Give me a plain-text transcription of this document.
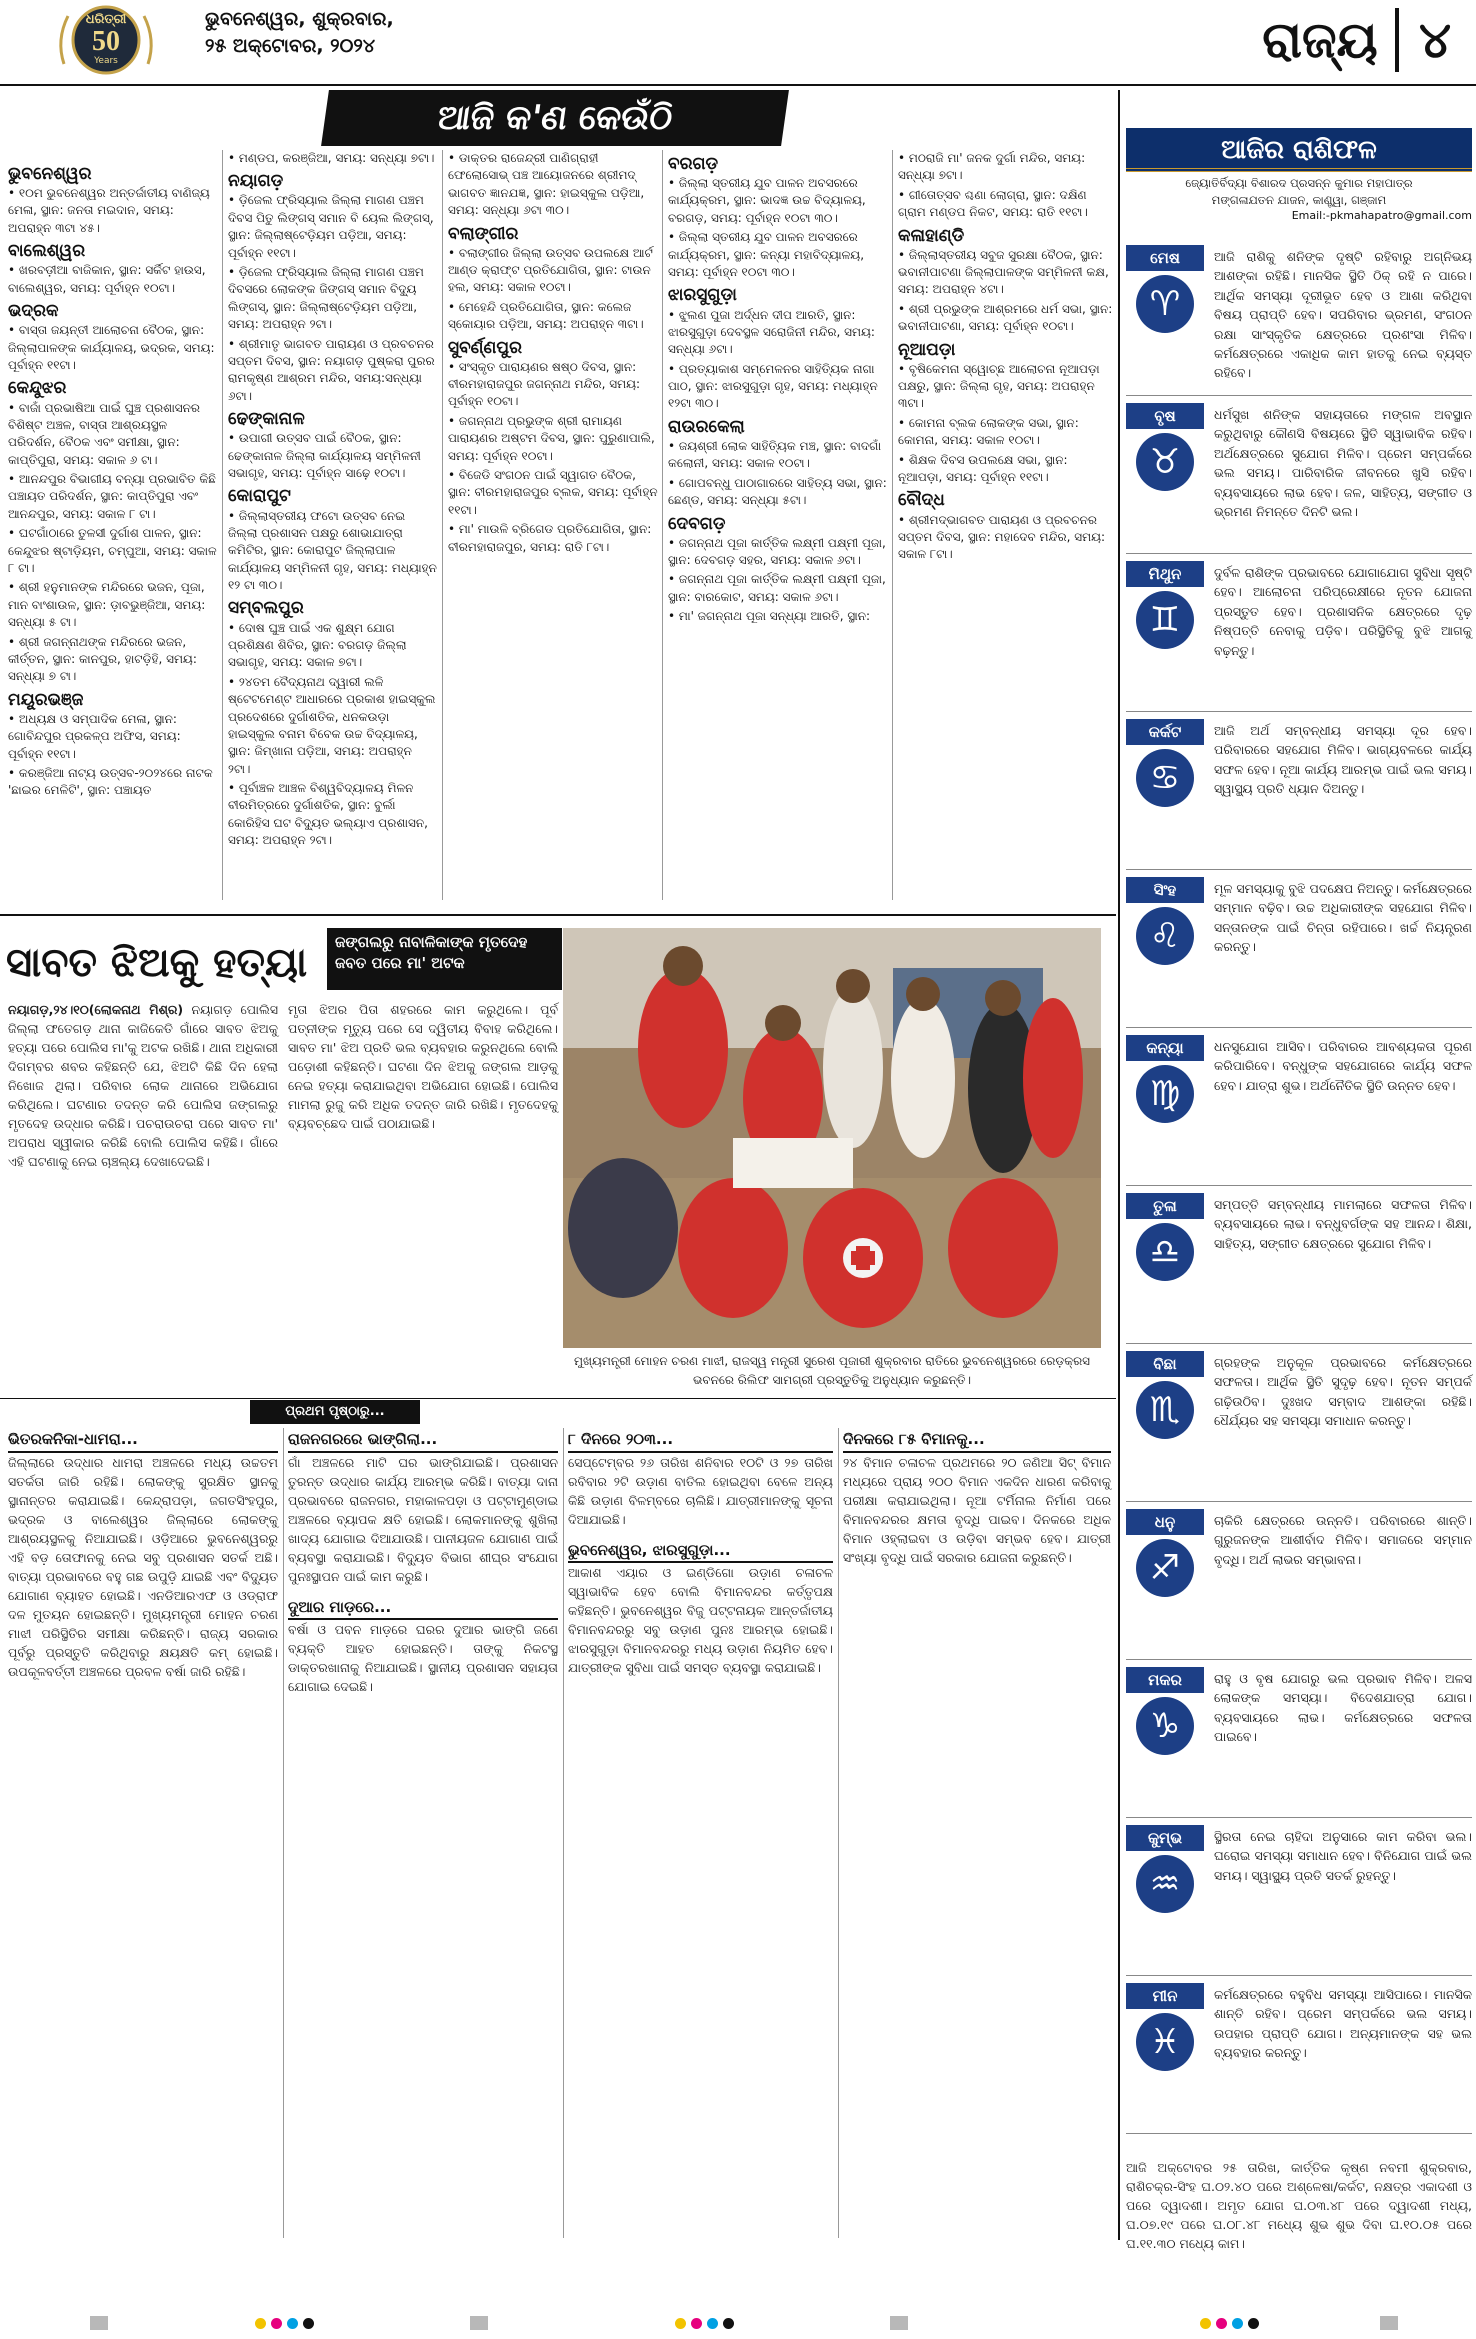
ଧରିତ୍ରୀ
50
Years
ଭୁବନେଶ୍ୱର, ଶୁକ୍ରବାର,
୨୫ ଅକ୍ଟୋବର, ୨୦୨୪	ରାଜ୍ୟ ୪
ଆଜି କ'ଣ କେଉଁଠି
ଭୁବନେଶ୍ୱର
• ୧୦ମ ଭୁବନେଶ୍ୱର ଅନ୍ତର୍ଜାତୀୟ ବାଣିଜ୍ୟ ମେଳା, ସ୍ଥାନ: ଜନତା ମଇଦାନ, ସମୟ: ଅପରାହ୍ନ ୩ଟା ୪୫।
ବାଲେଶ୍ୱର
• ଖରବଡ଼ୀଆ ବାଜିକାନ, ସ୍ଥାନ: ସର୍କିଟ ହାଉସ, ବାଲେଶ୍ୱର, ସମୟ: ପୂର୍ବାହ୍ନ ୧୦ଟା।
ଭଦ୍ରକ
• ବାସ୍ତା ଜୟନ୍ତୀ ଆଲୋଚନା ବୈଠକ, ସ୍ଥାନ: ଜିଲ୍ଲାପାଳଙ୍କ କାର୍ଯ୍ୟାଳୟ, ଭଦ୍ରକ, ସମୟ: ପୂର୍ବାହ୍ନ ୧୧ଟା।
କେନ୍ଦୁଝର
• ବାଜାଁ ପ୍ରଭାଷିଆ ପାଇଁ ଘୁଞ୍ଚ ପ୍ରଶାସନର ବିଶିଷ୍ଟ ଅଞ୍ଚଳ, ବାସ୍ତା ଆଶ୍ରୟସ୍ଥଳ ପରିଦର୍ଶନ, ବୈଠକ ଏବଂ ସମୀକ୍ଷା, ସ୍ଥାନ: କାପ୍ତିପୁରା, ସମୟ: ସକାଳ ୬ ଟା।
• ଆନନ୍ଦପୁର ବିଭାଗୀୟ ବନ୍ୟା ପ୍ରଭାବିତ କିଛି ପଞ୍ଚାୟତ ପରିଦର୍ଶନ, ସ୍ଥାନ: କାପ୍ତିପୁରା ଏବଂ ଆନନ୍ଦପୁର, ସମୟ: ସକାଳ ୮ ଟା।
• ଘଟଗାଁଠାରେ ତୁଳସୀ ଦୁର୍ଗାଶ ପାଳନ, ସ୍ଥାନ: କେନ୍ଦୁଝର ଷ୍ଟାଡ଼ିୟମ, ଚମ୍ପୁଆ, ସମୟ: ସକାଳ ୮ ଟା।
• ଶ୍ରୀ ହନୁମାନଙ୍କ ମନ୍ଦିରରେ ଭଜନ, ପୂଜା, ମାନ ବାଂଶାଉଳ, ସ୍ଥାନ: ଡ଼ାବଭୁଞ୍ଜିଆ, ସମୟ: ସନ୍ଧ୍ୟା ୫ ଟା।
• ଶ୍ରୀ ଜଗନ୍ନାଥଙ୍କ ମନ୍ଦିରରେ ଭଜନ, କୀର୍ତ୍ତନ, ସ୍ଥାନ: କାନପୁର, ହାଟଡ଼ିହି, ସମୟ: ସନ୍ଧ୍ୟା ୭ ଟା।
ମୟୂରଭଞ୍ଜ
• ଅଧ୍ୟକ୍ଷ ଓ ସମ୍ପାଦିକ ମେଳା, ସ୍ଥାନ: ଗୋବିନ୍ଦପୁର ପ୍ରକଳ୍ପ ଅଫିସ, ସମୟ: ପୂର୍ବାହ୍ନ ୧୧ଟା।
• କରଞ୍ଜିଆ ନାଟ୍ୟ ଉତ୍ସବ-୨୦୨୪ରେ ନାଟକ 'ଛାଇର ମେଳିଟି', ସ୍ଥାନ: ପଞ୍ଚାୟତ
• ମଣ୍ଡପ, କରଞ୍ଜିଆ, ସମୟ: ସନ୍ଧ୍ୟା ୭ଟା।
ନୟାଗଡ଼
• ଡ଼ିଜେଲ ଫ୍ରିସ୍ୟାଲ ଜିଲ୍ଲା ମାଗଣ ପଞ୍ଚମ ଦିବସ ପିତୁ ଲିଙ୍ଗସ୍ ସମାନ ବି ୟେଲ ଲିଙ୍ଗସ୍, ସ୍ଥାନ: ଜିଲ୍ଲାଷ୍ଟେଡ଼ିୟମ ପଡ଼ିଆ, ସମୟ: ପୂର୍ବାହ୍ନ ୧୧ଟା।
• ଡ଼ିଜେଲ ଫ୍ରିସ୍ୟାଲ ଜିଲ୍ଲା ମାଗଣ ପଞ୍ଚମ ଦିବସରେ ଲୋକଙ୍କ ଜିଙ୍ଗସ୍ ସମାନ ବିଦ୍ୟୁ ଲିଙ୍ଗସ୍, ସ୍ଥାନ: ଜିଲ୍ଲାଷ୍ଟେଡ଼ିୟମ ପଡ଼ିଆ, ସମୟ: ଅପରାହ୍ନ ୨ଟା।
• ଶ୍ରୀମାତୃ ଭାଗବତ ପାରାୟଣ ଓ ପ୍ରବଚନର ସପ୍ତମ ଦିବସ, ସ୍ଥାନ: ନୟାଗଡ଼ ପୁଷ୍କରା ପୁରର ରାମକୃଷ୍ଣ ଆଶ୍ରମ ମନ୍ଦିର, ସମୟ:ସନ୍ଧ୍ୟା ୬ଟା।
ଢେଙ୍କାନାଳ
• ଉପାଗୀ ଉତ୍ସବ ପାଇଁ ବୈଠକ, ସ୍ଥାନ: ଢେଙ୍କାନାଳ ଜିଲ୍ଲା କାର୍ଯ୍ୟାଳୟ ସମ୍ମିଳନୀ ସଭାଗୃହ, ସମୟ: ପୂର୍ବାହ୍ନ ସାଢ଼େ ୧୦ଟା।
କୋରାପୁଟ
• ଜିଲ୍ଲାସ୍ତରୀୟ ଫଟୋ ଉତ୍ସବ ନେଇ ଜିଲ୍ଲା ପ୍ରଶାସନ ପକ୍ଷରୁ ଶୋଭାଯାତ୍ରା କମିଟିର, ସ୍ଥାନ: କୋରାପୁଟ ଜିଲ୍ଲାପାଳ କାର୍ଯ୍ୟାଳୟ ସମ୍ମିଳନୀ ଗୃହ, ସମୟ: ମଧ୍ୟାହ୍ନ ୧୨ ଟା ୩୦।
ସମ୍ବଲପୁର
• ଦୋଷ ଘୁଞ୍ଚ ପାଇଁ ଏକ ଶୁକ୍ଷ୍ମ ଯୋଗ ପ୍ରଶିକ୍ଷଣ ଶିବିର, ସ୍ଥାନ: ବରଗଡ଼ ଜିଲ୍ଲା ସଭାଗୃହ, ସମୟ: ସକାଳ ୭ଟା।
• ୨୪ତମ ବୈଦ୍ୟନାଥ ଦ୍ୱାରୀ ଲଳି ଷ୍ଟେଟମେଣ୍ଟ ଆଧାରରେ ପ୍ରକାଶ ହାଇସ୍କୁଲ ପ୍ରଦେଶରେ ଦୁର୍ଗାଶତିକ, ଧନକଉଡ଼ା ହାଇସ୍କୁଲ ବନାମ ବିବେକ ଉଚ୍ଚ ବିଦ୍ୟାଳୟ, ସ୍ଥାନ: ଜିମ୍‌ଖାନା ପଡ଼ିଆ, ସମୟ: ଅପରାହ୍ନ ୨ଟା।
• ପୂର୍ବାଞ୍ଚଳ ଆଞ୍ଚଳ ବିଶ୍ୱବିଦ୍ୟାଳୟ ମିଳନ ବୀରମିତ୍ରରେ ଦୁର୍ଗାଶତିକ, ସ୍ଥାନ: ବୁର୍ଲା କୋରିହିସ ଘଟ ବିଦ୍ୟୁତ ଭଲ୍ୟାଏ ପ୍ରଶାସନ, ସମୟ: ଅପରାହ୍ନ ୨ଟା।
• ଡାକ୍ତର ରାଜେନ୍ଦ୍ରୀ ପାଣିଗ୍ରାହୀ ଫେଲୋସୋଭ୍ ପଞ୍ଚ ଆୟୋଜନରେ ଶ୍ରୀମଦ୍ ଭାଗବତ ଜ୍ଞାନଯଜ୍ଞ, ସ୍ଥାନ: ହାଇସ୍କୁଲ ପଡ଼ିଆ, ସମୟ: ସନ୍ଧ୍ୟା ୬ଟା ୩୦।
ବଲାଙ୍ଗୀର
• ବଲାଙ୍ଗୀର ଜିଲ୍ଲା ଉତ୍ସବ ଉପଲକ୍ଷେ ଆର୍ଟ ଆଣ୍ଡ କ୍ରାଫ୍ଟ ପ୍ରତିଯୋଗିତା, ସ୍ଥାନ: ଟାଉନ ହଲ, ସମୟ: ସକାଳ ୧୦ଟା।
• ମେହେନ୍ଦି ପ୍ରତିଯୋଗିତା, ସ୍ଥାନ: କଲେଜ ସ୍କୋୟାର ପଡ଼ିଆ, ସମୟ: ଅପରାହ୍ନ ୩ଟା।
ସୁବର୍ଣ୍ଣପୁର
• ସଂସ୍କୃତ ପାରାୟଣର ଷଷ୍ଠ ଦିବସ, ସ୍ଥାନ: ବୀରମହାରାଜପୁର ଜଗନ୍ନାଥ ମନ୍ଦିର, ସମୟ: ପୂର୍ବାହ୍ନ ୧୦ଟା।
• ଜଗନ୍ନାଥ ପ୍ରଭୁଙ୍କ ଶ୍ରୀ ରାମାୟଣ ପାରାୟଣର ଅଷ୍ଟମ ଦିବସ, ସ୍ଥାନ: ପୁରୁଣାପାଲି, ସମୟ: ପୂର୍ବାହ୍ନ ୧୦ଟା।
• ବିଜେଡି ସଂଗଠନ ପାଇଁ ସ୍ୱାଗତ ବୈଠକ, ସ୍ଥାନ: ବୀରମହାରାଜପୁର ବ୍ଲକ, ସମୟ: ପୂର୍ବାହ୍ନ ୧୧ଟା।
• ମା' ମାଉଳି ବ୍ରିଗେଡ ପ୍ରତିଯୋଗିତା, ସ୍ଥାନ: ବୀରମହାରାଜପୁର, ସମୟ: ରାତି ୮ଟା।
ବରଗଡ଼
• ଜିଲ୍ଲା ସ୍ତରୀୟ ଯୁବ ପାଳନ ଅବସରରେ କାର୍ଯ୍ୟକ୍ରମ, ସ୍ଥାନ: ଭାଦଜ୍ଞ ଉଚ୍ଚ ବିଦ୍ୟାଳୟ, ବରଗଡ଼, ସମୟ: ପୂର୍ବାହ୍ନ ୧୦ଟା ୩୦।
• ଜିଲ୍ଲା ସ୍ତରୀୟ ଯୁବ ପାଳନ ଅବସରରେ କାର୍ଯ୍ୟକ୍ରମ, ସ୍ଥାନ: କନ୍ୟା ମହାବିଦ୍ୟାଳୟ, ସମୟ: ପୂର୍ବାହ୍ନ ୧୦ଟା ୩୦।
ଝାରସୁଗୁଡ଼ା
• ଝୁଲଣ ପୁଜା ଅର୍ଦ୍ଧନ ଦୀପ ଆରତି, ସ୍ଥାନ: ଝାରସୁଗୁଡ଼ା ଦେବସ୍ଥଳ ସରୋଜିନୀ ମନ୍ଦିର, ସମୟ: ସନ୍ଧ୍ୟା ୬ଟା।
• ପ୍ରତ୍ୟାକାଶ ସମ୍ମେଳନର ସାହିତ୍ୟିକ ନାଗା ପାଠ, ସ୍ଥାନ: ଝାରସୁଗୁଡ଼ା ଗୃହ, ସମୟ: ମଧ୍ୟାହ୍ନ ୧୨ଟା ୩୦।
ରାଉରକେଲା
• ଜୟଶ୍ରୀ ଲୋକ ସାହିତ୍ୟିକ ମଞ୍ଚ, ସ୍ଥାନ: ବାଦଗାଁ କଲୋନୀ, ସମୟ: ସକାଳ ୧୦ଟା।
• ଗୋପବନ୍ଧୁ ପାଠାଗାରରେ ସାହିତ୍ୟ ସଭା, ସ୍ଥାନ: ଛେଣ୍ଡ, ସମୟ: ସନ୍ଧ୍ୟା ୫ଟା।
ଦେବଗଡ଼
• ଜଗନ୍ନାଥ ପୂଜା କାର୍ତ୍ତିକ ଲକ୍ଷ୍ମୀ ପକ୍ଷ୍ମୀ ପୂଜା, ସ୍ଥାନ: ଦେବଗଡ଼ ସହର, ସମୟ: ସକାଳ ୬ଟା।
• ଜଗନ୍ନାଥ ପୂଜା କାର୍ତ୍ତିକ ଲକ୍ଷ୍ମୀ ପକ୍ଷ୍ମୀ ପୂଜା, ସ୍ଥାନ: ବାରକୋଟ, ସମୟ: ସକାଳ ୬ଟା।
• ମା' ଜଗନ୍ନାଥ ପୂଜା ସନ୍ଧ୍ୟା ଆରତି, ସ୍ଥାନ:
• ମଠରାଜି ମା' ଜନକ ଦୁର୍ଗା ମନ୍ଦିର, ସମୟ: ସନ୍ଧ୍ୟା ୭ଟା।
• ଗୀତୋତ୍ସବ ଶ୍ଚଣା ଲୋଗ୍ରା, ସ୍ଥାନ: ଦକ୍ଷିଣ ଗ୍ରାମ ମଣ୍ଡପ ନିକଟ, ସମୟ: ରାତି ୧୧ଟା।
କଳାହାଣ୍ଡି
• ଜିଲ୍ଲାସ୍ତରୀୟ ସବୁଜ ସୁରକ୍ଷା ବୈଠକ, ସ୍ଥାନ: ଭବାନୀପାଟଣା ଜିଲ୍ଲାପାଳଙ୍କ ସମ୍ମିଳନୀ କକ୍ଷ, ସମୟ: ଅପରାହ୍ନ ୪ଟା।
• ଶ୍ରୀ ପ୍ରଭୁଙ୍କ ଆଶ୍ରମରେ ଧର୍ମ ସଭା, ସ୍ଥାନ: ଭବାନୀପାଟଣା, ସମୟ: ପୂର୍ବାହ୍ନ ୧୦ଟା।
ନୂଆପଡ଼ା
• ବୃଷିକେମନା ସ୍ୱୋଚ୍ଛ ଆଲୋଚନା ନୂଆପଡ଼ା ପକ୍ଷରୁ, ସ୍ଥାନ: ଜିଲ୍ଲା ଗୃହ, ସମୟ: ଅପରାହ୍ନ ୩ଟା।
• କୋମନା ବ୍ଲକ ଲୋକଙ୍କ ସଭା, ସ୍ଥାନ: କୋମନା, ସମୟ: ସକାଳ ୧୦ଟା।
• ଶିକ୍ଷକ ଦିବସ ଉପଲକ୍ଷେ ସଭା, ସ୍ଥାନ: ନୂଆପଡ଼ା, ସମୟ: ପୂର୍ବାହ୍ନ ୧୧ଟା।
ବୌଦ୍ଧ
• ଶ୍ରୀମଦ୍‌ଭାଗବତ ପାରାୟଣ ଓ ପ୍ରବଚନର ସପ୍ତମ ଦିବସ, ସ୍ଥାନ: ମହାଦେବ ମନ୍ଦିର, ସମୟ: ସକାଳ ୮ଟା।
ଆଜିର ରାଶିଫଳ
ଜ୍ୟୋତିର୍ବିଦ୍ୟା ବିଶାରଦ ପ୍ରସନ୍ନ କୁମାର ମହାପାତ୍ର
ମଙ୍ଗଳାଯତନ ଯାଜନ, କାଣ୍ଡ୍ୱା, ଗଞ୍ଜାମ
Email:-pkmahapatro@gmail.com
ମେଷ
♈
ଆଜି ରାଶିକୁ ଶନିଙ୍କ ଦୃଷ୍ଟି ରହିବାରୁ ଅଗ୍ନିଭୟ ଆଶଙ୍କା ରହିଛି। ମାନସିକ ସ୍ଥିତି ଠିକ୍ ରହି ନ ପାରେ। ଆର୍ଥିକ ସମସ୍ୟା ଦୂରୀଭୂତ ହେବ ଓ ଆଶା କରିଥିବା ବିଷୟ ପ୍ରାପ୍ତି ହେବ। ସପରିବାର ଭ୍ରମଣ, ସଂଗଠନ ରକ୍ଷା ସାଂସ୍କୃତିକ କ୍ଷେତ୍ରରେ ପ୍ରଶଂସା ମିଳିବ। କର୍ମକ୍ଷେତ୍ରରେ ଏକାଧିକ କାମ ହାତକୁ ନେଇ ବ୍ୟସ୍ତ ରହିବେ।
ବୃଷ
♉
ଧର୍ମସୁଖ ଶନିଙ୍କ ସହାୟତାରେ ମଙ୍ଗଳ ଅବସ୍ଥାନ କରୁଥିବାରୁ କୌଣସି ବିଷୟରେ ସ୍ଥିତି ସ୍ୱାଭାବିକ ରହିବ। ଅର୍ଥକ୍ଷେତ୍ରରେ ସୁଯୋଗ ମିଳିବ। ପ୍ରେମ ସମ୍ପର୍କରେ ଭଲ ସମୟ। ପାରିବାରିକ ଜୀବନରେ ଖୁସି ରହିବ। ବ୍ୟବସାୟରେ ଲାଭ ହେବ। ଜଳ, ସାହିତ୍ୟ, ସଙ୍ଗୀତ ଓ ଭ୍ରମଣ ନିମନ୍ତେ ଦିନଟି ଭଲ।
ମିଥୁନ
♊
ଦୁର୍ବଳ ରାଶିଙ୍କ ପ୍ରଭାବରେ ଯୋଗାଯୋଗ ସୁବିଧା ସୃଷ୍ଟି ହେବ। ଆଲୋଚନା ପରିପ୍ରେକ୍ଷୀରେ ନୂତନ ଯୋଜନା ପ୍ରସ୍ତୁତ ହେବ। ପ୍ରଶାସନିକ କ୍ଷେତ୍ରରେ ଦୃଢ଼ ନିଷ୍ପତ୍ତି ନେବାକୁ ପଡ଼ିବ। ପରିସ୍ଥିତିକୁ ବୁଝି ଆଗକୁ ବଢ଼ନ୍ତୁ।
କର୍କଟ
♋
ଆଜି ଅର୍ଥ ସମ୍ବନ୍ଧୀୟ ସମସ୍ୟା ଦୂର ହେବ। ପରିବାରରେ ସହଯୋଗ ମିଳିବ। ଭାଗ୍ୟବଳରେ କାର୍ଯ୍ୟ ସଫଳ ହେବ। ନୂଆ କାର୍ଯ୍ୟ ଆରମ୍ଭ ପାଇଁ ଭଲ ସମୟ। ସ୍ୱାସ୍ଥ୍ୟ ପ୍ରତି ଧ୍ୟାନ ଦିଅନ୍ତୁ।
ସିଂହ
♌
ମୂଳ ସମସ୍ୟାକୁ ବୁଝି ପଦକ୍ଷେପ ନିଅନ୍ତୁ। କର୍ମକ୍ଷେତ୍ରରେ ସମ୍ମାନ ବଢ଼ିବ। ଉଚ୍ଚ ଅଧିକାରୀଙ୍କ ସହଯୋଗ ମିଳିବ। ସନ୍ତାନଙ୍କ ପାଇଁ ଚିନ୍ତା ରହିପାରେ। ଖର୍ଚ୍ଚ ନିୟନ୍ତ୍ରଣ କରନ୍ତୁ।
କନ୍ୟା
♍
ଧନସୁଯୋଗ ଆସିବ। ପରିବାରର ଆବଶ୍ୟକତା ପୂରଣ କରିପାରିବେ। ବନ୍ଧୁଙ୍କ ସହଯୋଗରେ କାର୍ଯ୍ୟ ସଫଳ ହେବ। ଯାତ୍ରା ଶୁଭ। ଅର୍ଥନୈତିକ ସ୍ଥିତି ଉନ୍ନତ ହେବ।
ତୁଳା
♎
ସମ୍ପତ୍ତି ସମ୍ବନ୍ଧୀୟ ମାମଲାରେ ସଫଳତା ମିଳିବ। ବ୍ୟବସାୟରେ ଲାଭ। ବନ୍ଧୁବର୍ଗଙ୍କ ସହ ଆନନ୍ଦ। ଶିକ୍ଷା, ସାହିତ୍ୟ, ସଙ୍ଗୀତ କ୍ଷେତ୍ରରେ ସୁଯୋଗ ମିଳିବ।
ବିଛା
♏
ଗ୍ରହଙ୍କ ଅନୁକୂଳ ପ୍ରଭାବରେ କର୍ମକ୍ଷେତ୍ରରେ ସଫଳତା। ଆର୍ଥିକ ସ୍ଥିତି ସୁଦୃଢ଼ ହେବ। ନୂତନ ସମ୍ପର୍କ ଗଢ଼ିଉଠିବ। ଦୁଃଖଦ ସମ୍ବାଦ ଆଶଙ୍କା ରହିଛି। ଧୈର୍ଯ୍ୟର ସହ ସମସ୍ୟା ସମାଧାନ କରନ୍ତୁ।
ଧନୁ
♐
ଚାକିରି କ୍ଷେତ୍ରରେ ଉନ୍ନତି। ପରିବାରରେ ଶାନ୍ତି। ଗୁରୁଜନଙ୍କ ଆଶୀର୍ବାଦ ମିଳିବ। ସମାଜରେ ସମ୍ମାନ ବୃଦ୍ଧି। ଅର୍ଥ ଲାଭର ସମ୍ଭାବନା।
ମକର
♑
ରାହୁ ଓ ବୃଷ ଯୋଗରୁ ଭଲ ପ୍ରଭାବ ମିଳିବ। ଅଳସ ଲୋକଙ୍କ ସମସ୍ୟା। ବିଦେଶଯାତ୍ରା ଯୋଗ। ବ୍ୟବସାୟରେ ଲାଭ। କର୍ମକ୍ଷେତ୍ରରେ ସଫଳତା ପାଇବେ।
କୁମ୍ଭ
♒
ସ୍ଥିରତା ନେଇ ଚାହିଦା ଅନୁସାରେ କାମ କରିବା ଭଲ। ଘରୋଇ ସମସ୍ୟା ସମାଧାନ ହେବ। ବିନିଯୋଗ ପାଇଁ ଭଲ ସମୟ। ସ୍ୱାସ୍ଥ୍ୟ ପ୍ରତି ସତର୍କ ରୁହନ୍ତୁ।
ମୀନ
♓
କର୍ମକ୍ଷେତ୍ରରେ ବହୁବିଧ ସମସ୍ୟା ଆସିପାରେ। ମାନସିକ ଶାନ୍ତି ରହିବ। ପ୍ରେମ ସମ୍ପର୍କରେ ଭଲ ସମୟ। ଉପହାର ପ୍ରାପ୍ତି ଯୋଗ। ଅନ୍ୟମାନଙ୍କ ସହ ଭଲ ବ୍ୟବହାର କରନ୍ତୁ।
ଆଜି ଅକ୍ଟୋବର ୨୫ ତାରିଖ, କାର୍ତ୍ତିକ କୃଷ୍ଣ ନବମୀ ଶୁକ୍ରବାର, ରାଶିଚକ୍ର-ସିଂହ ଘ.୦୨.୪୦ ପରେ ଅଶ୍ଳେଷା/କର୍କଟ, ନକ୍ଷତ୍ର ଏକାଦଶୀ ଓ ପରେ ଦ୍ୱାଦଶୀ। ଅମୃତ ଯୋଗ ଘ.୦୩.୪୮ ପରେ ଦ୍ୱାଦଶୀ ମଧ୍ୟ, ଘ.୦୭.୧୯ ପରେ ଘ.୦୮.୪୮ ମଧ୍ୟେ ଶୁଭ ଶୁଭ ଦିବା ଘ.୧୦.୦୫ ପରେ ଘ.୧୧.୩୦ ମଧ୍ୟେ କାମ।
ସାବତ ଝିଅକୁ ହତ୍ୟା	ଜଙ୍ଗଲରୁ ନାବାଳିକାଙ୍କ ମୃତଦେହ ଜବତ ପରେ ମା' ଅଟକ
ନୟାଗଡ଼,୨୪।୧୦(ଲୋକନାଥ ମିଶ୍ର) ନୟାଗଡ଼ ପୋଲିସ ଜିଲ୍ଲା ଫତେଗଡ଼ ଥାନା କାଜିକେତି ଗାଁରେ ସାବତ ଝିଅକୁ ହତ୍ୟା ପରେ ପୋଲିସ ମା'କୁ ଅଟକ ରଖିଛି। ଥାନା ଅଧିକାରୀ ଦିଗମ୍ବର ଶବର କହିଛନ୍ତି ଯେ, ଝିଅଟି କିଛି ଦିନ ହେଲା ନିଖୋଜ ଥିଲା। ପରିବାର ଲୋକ ଥାନାରେ ଅଭିଯୋଗ କରିଥିଲେ। ଘଟଣାର ତଦନ୍ତ କରି ପୋଲିସ ଜଙ୍ଗଲରୁ ମୃତଦେହ ଉଦ୍ଧାର କରିଛି। ପଚରାଉଚରା ପରେ ସାବତ ମା' ଅପରାଧ ସ୍ୱୀକାର କରିଛି ବୋଲି ପୋଲିସ କହିଛି। ଗାଁରେ ଏହି ଘଟଣାକୁ ନେଇ ଚାଞ୍ଚଲ୍ୟ ଦେଖାଦେଇଛି।
ମୃତା ଝିଅର ପିତା ଶହରରେ କାମ କରୁଥିଲେ। ପୂର୍ବ ପତ୍ନୀଙ୍କ ମୃତ୍ୟୁ ପରେ ସେ ଦ୍ୱିତୀୟ ବିବାହ କରିଥିଲେ। ସାବତ ମା' ଝିଅ ପ୍ରତି ଭଲ ବ୍ୟବହାର କରୁନଥିଲେ ବୋଲି ପଡ଼ୋଶୀ କହିଛନ୍ତି। ଘଟଣା ଦିନ ଝିଅକୁ ଜଙ୍ଗଲ ଆଡ଼କୁ ନେଇ ହତ୍ୟା କରାଯାଇଥିବା ଅଭିଯୋଗ ହୋଇଛି। ପୋଲିସ ମାମଲା ରୁଜୁ କରି ଅଧିକ ତଦନ୍ତ ଜାରି ରଖିଛି। ମୃତଦେହକୁ ବ୍ୟବଚ୍ଛେଦ ପାଇଁ ପଠାଯାଇଛି।
ମୁଖ୍ୟମନ୍ତ୍ରୀ ମୋହନ ଚରଣ ମାଝୀ, ରାଜସ୍ୱ ମନ୍ତ୍ରୀ ସୁରେଶ ପୂଜାରୀ ଶୁକ୍ରବାର ରାତିରେ ଭୁବନେଶ୍ୱରରେ ରେଡ଼କ୍ରସ ଭବନରେ ରିଲିଫ ସାମଗ୍ରୀ ପ୍ରସ୍ତୁତିକୁ ଅନୁଧ୍ୟାନ କରୁଛନ୍ତି।
ପ୍ରଥମ ପୃଷ୍ଠାରୁ...
ଭିତରକନିକା-ଧାମରା...
ଜିଲ୍ଲାରେ ଉଦ୍ଧାର ଧାମରା ଅଞ୍ଚଳରେ ମଧ୍ୟ ଉଚ୍ଚତମ ସତର୍କତା ଜାରି ରହିଛି। ଲୋକଙ୍କୁ ସୁରକ୍ଷିତ ସ୍ଥାନକୁ ସ୍ଥାନାନ୍ତର କରାଯାଇଛି। କେନ୍ଦ୍ରାପଡ଼ା, ଜଗତସିଂହପୁର, ଭଦ୍ରକ ଓ ବାଲେଶ୍ୱର ଜିଲ୍ଲାରେ ଲୋକଙ୍କୁ ଆଶ୍ରୟସ୍ଥଳକୁ ନିଆଯାଇଛି। ଓଡ଼ିଆରେ ଭୁବନେଶ୍ୱରରୁ ଏହି ବଡ଼ ତୋଫାନକୁ ନେଇ ସବୁ ପ୍ରଶାସନ ସତର୍କ ଅଛି। ବାତ୍ୟା ପ୍ରଭାବରେ ବହୁ ଗଛ ଉପୁଡ଼ି ଯାଇଛି ଏବଂ ବିଦ୍ୟୁତ ଯୋଗାଣ ବ୍ୟାହତ ହୋଇଛି। ଏନଡିଆରଏଫ ଓ ଓଡ୍ରାଫ ଦଳ ମୁତୟନ ହୋଇଛନ୍ତି। ମୁଖ୍ୟମନ୍ତ୍ରୀ ମୋହନ ଚରଣ ମାଝୀ ପରିସ୍ଥିତିର ସମୀକ୍ଷା କରିଛନ୍ତି। ରାଜ୍ୟ ସରକାର ପୂର୍ବରୁ ପ୍ରସ୍ତୁତି କରିଥିବାରୁ କ୍ଷୟକ୍ଷତି କମ୍ ହୋଇଛି। ଉପକୂଳବର୍ତ୍ତୀ ଅଞ୍ଚଳରେ ପ୍ରବଳ ବର୍ଷା ଜାରି ରହିଛି।
ରାଜନଗରରେ ଭାଙ୍ଗିଲା...
ଗାଁ ଅଞ୍ଚଳରେ ମାଟି ଘର ଭାଙ୍ଗିଯାଇଛି। ପ୍ରଶାସନ ତୁରନ୍ତ ଉଦ୍ଧାର କାର୍ଯ୍ୟ ଆରମ୍ଭ କରିଛି। ବାତ୍ୟା ଦାନା ପ୍ରଭାବରେ ରାଜନଗର, ମହାକାଳପଡ଼ା ଓ ପଟ୍ଟାମୁଣ୍ଡାଇ ଅଞ୍ଚଳରେ ବ୍ୟାପକ କ୍ଷତି ହୋଇଛି। ଲୋକମାନଙ୍କୁ ଶୁଖିଲା ଖାଦ୍ୟ ଯୋଗାଇ ଦିଆଯାଉଛି। ପାନୀୟଜଳ ଯୋଗାଣ ପାଇଁ ବ୍ୟବସ୍ଥା କରାଯାଇଛି। ବିଦ୍ୟୁତ ବିଭାଗ ଶୀଘ୍ର ସଂଯୋଗ ପୁନଃସ୍ଥାପନ ପାଇଁ କାମ କରୁଛି।
ଦୁଆର ମାଡ଼ରେ...
ବର୍ଷା ଓ ପବନ ମାଡ଼ରେ ଘରର ଦୁଆର ଭାଙ୍ଗି ଜଣେ ବ୍ୟକ୍ତି ଆହତ ହୋଇଛନ୍ତି। ତାଙ୍କୁ ନିକଟସ୍ଥ ଡାକ୍ତରଖାନାକୁ ନିଆଯାଇଛି। ସ୍ଥାନୀୟ ପ୍ରଶାସନ ସହାୟତା ଯୋଗାଇ ଦେଇଛି।
୮ ଦିନରେ ୨୦୩...
ସେପ୍ଟେମ୍ବର ୨୬ ତାରିଖ ଶନିବାର ୧୦ଟି ଓ ୨୭ ତାରିଖ ରବିବାର ୨ଟି ଉଡ଼ାଣ ବାତିଲ ହୋଇଥିବା ବେଳେ ଅନ୍ୟ କିଛି ଉଡ଼ାଣ ବିଳମ୍ବରେ ଚାଲିଛି। ଯାତ୍ରୀମାନଙ୍କୁ ସୂଚନା ଦିଆଯାଇଛି।
ଭୁବନେଶ୍ୱର, ଝାରସୁଗୁଡ଼ା...
ଆକାଶ ଏୟାର ଓ ଇଣ୍ଡିଗୋ ଉଡ଼ାଣ ଚଳାଚଳ ସ୍ୱାଭାବିକ ହେବ ବୋଲି ବିମାନବନ୍ଦର କର୍ତ୍ତୃପକ୍ଷ କହିଛନ୍ତି। ଭୁବନେଶ୍ୱର ବିଜୁ ପଟ୍ଟନାୟକ ଆନ୍ତର୍ଜାତୀୟ ବିମାନବନ୍ଦରରୁ ସବୁ ଉଡ଼ାଣ ପୁନଃ ଆରମ୍ଭ ହୋଇଛି। ଝାରସୁଗୁଡ଼ା ବିମାନବନ୍ଦରରୁ ମଧ୍ୟ ଉଡ଼ାଣ ନିୟମିତ ହେବ। ଯାତ୍ରୀଙ୍କ ସୁବିଧା ପାଇଁ ସମସ୍ତ ବ୍ୟବସ୍ଥା କରାଯାଇଛି।
ଦିନକରେ ୮୫ ବିମାନକୁ...
୨୪ ବିମାନ ଚଳାଚଳ ପ୍ରଥମରେ ୨୦ ଜଣିଆ ସିଟ୍ ବିମାନ ମଧ୍ୟରେ ପ୍ରାୟ ୨୦୦ ବିମାନ ଏକଦିନ ଧାରଣ କରିବାକୁ ପରୀକ୍ଷା କରାଯାଇଥିଲା। ନୂଆ ଟର୍ମିନାଲ ନିର୍ମାଣ ପରେ ବିମାନବନ୍ଦରର କ୍ଷମତା ବୃଦ୍ଧି ପାଇବ। ଦିନକରେ ଅଧିକ ବିମାନ ଓହ୍ଲାଇବା ଓ ଉଡ଼ିବା ସମ୍ଭବ ହେବ। ଯାତ୍ରୀ ସଂଖ୍ୟା ବୃଦ୍ଧି ପାଇଁ ସରକାର ଯୋଜନା କରୁଛନ୍ତି।
